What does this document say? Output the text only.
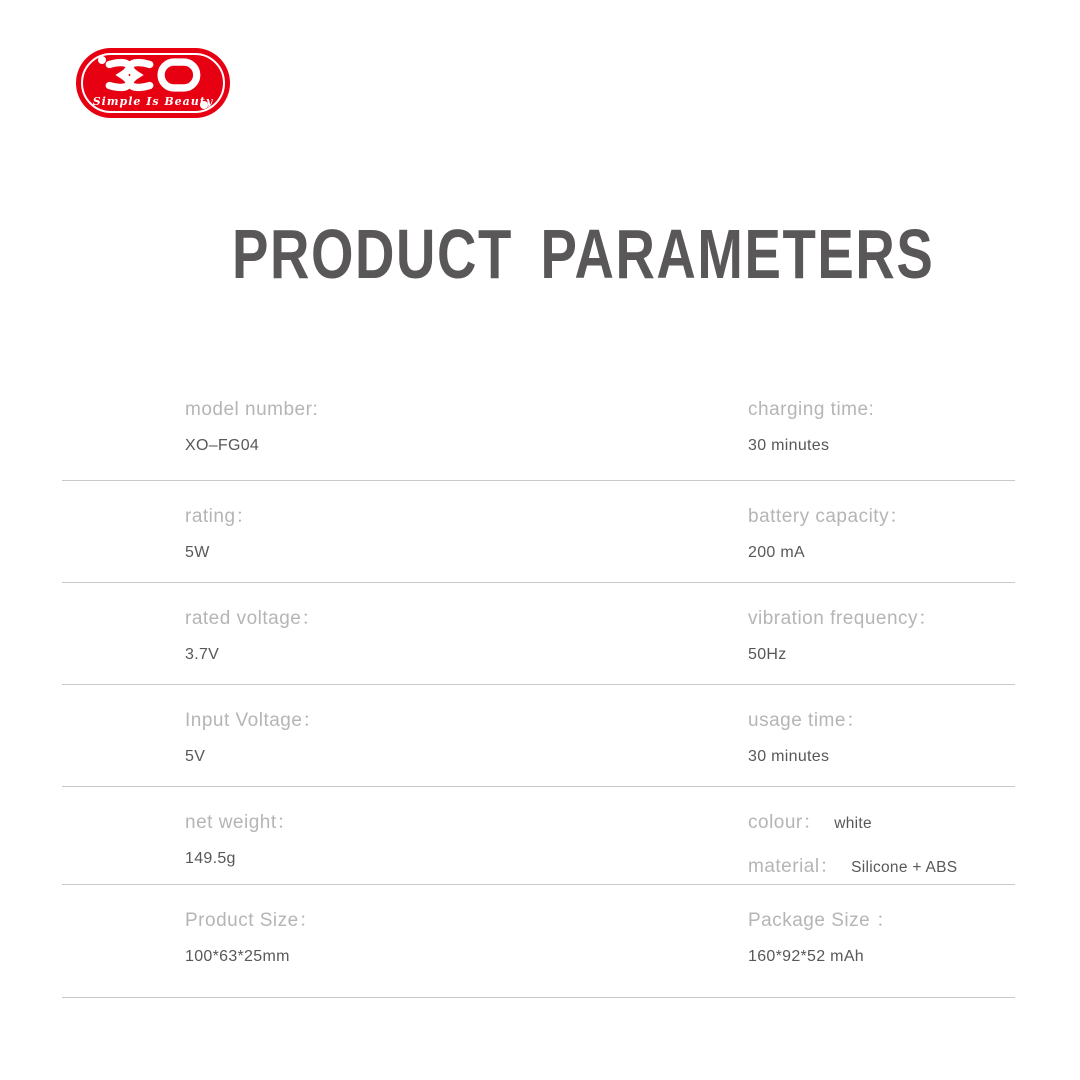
Simple Is Beauty
PRODUCT PARAMETERS
model number:
XO–FG04
charging time:
30 minutes
rating：
5W
battery capacity：
200 mA
rated voltage：
3.7V
vibration frequency：
50Hz
Input Voltage：
5V
usage time：
30 minutes
net weight：
149.5g
colour： white
material： Silicone + ABS
Product Size：
100*63*25mm
Package Size ：
160*92*52 mAh
